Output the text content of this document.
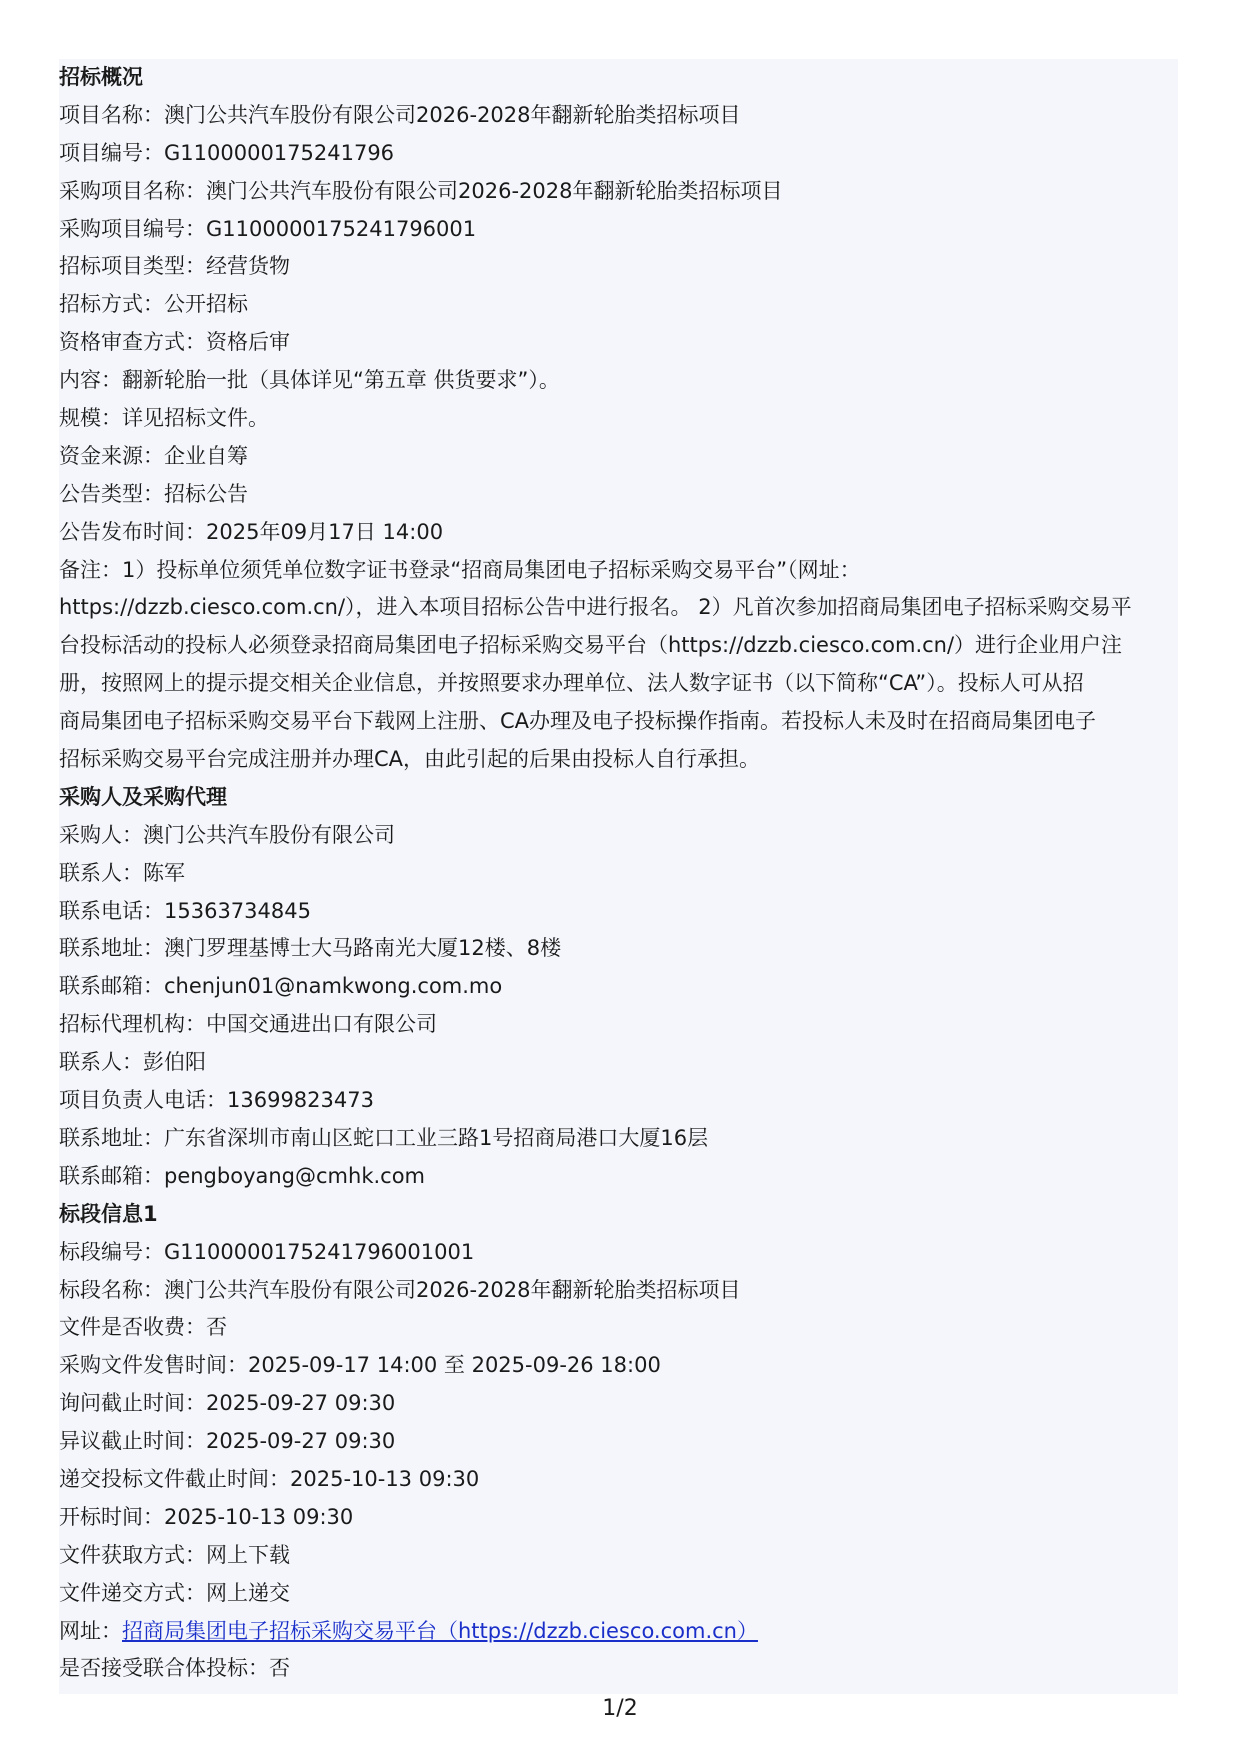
招标概况
项目名称：澳门公共汽车股份有限公司2026-2028年翻新轮胎类招标项目
项目编号：G1100000175241796
采购项目名称：澳门公共汽车股份有限公司2026-2028年翻新轮胎类招标项目
采购项目编号：G1100000175241796001
招标项目类型：经营货物
招标方式：公开招标
资格审查方式：资格后审
内容：翻新轮胎一批（具体详见“第五章 供货要求”）。
规模：详见招标文件。
资金来源：企业自筹
公告类型：招标公告
公告发布时间：2025年09月17日 14:00
备注：1）投标单位须凭单位数字证书登录“招商局集团电子招标采购交易平台”（网址：
https://dzzb.ciesco.com.cn/），进入本项目招标公告中进行报名。 2）凡首次参加招商局集团电子招标采购交易平
台投标活动的投标人必须登录招商局集团电子招标采购交易平台（https://dzzb.ciesco.com.cn/）进行企业用户注
册，按照网上的提示提交相关企业信息，并按照要求办理单位、法人数字证书（以下简称“CA”）。投标人可从招
商局集团电子招标采购交易平台下载网上注册、CA办理及电子投标操作指南。若投标人未及时在招商局集团电子
招标采购交易平台完成注册并办理CA，由此引起的后果由投标人自行承担。
采购人及采购代理
采购人：澳门公共汽车股份有限公司
联系人：陈军
联系电话：15363734845
联系地址：澳门罗理基博士大马路南光大厦12楼、8楼
联系邮箱：chenjun01@namkwong.com.mo
招标代理机构：中国交通进出口有限公司
联系人：彭伯阳
项目负责人电话：13699823473
联系地址：广东省深圳市南山区蛇口工业三路1号招商局港口大厦16层
联系邮箱：pengboyang@cmhk.com
标段信息1
标段编号：G1100000175241796001001
标段名称：澳门公共汽车股份有限公司2026-2028年翻新轮胎类招标项目
文件是否收费：否
采购文件发售时间：2025-09-17 14:00 至 2025-09-26 18:00
询问截止时间：2025-09-27 09:30
异议截止时间：2025-09-27 09:30
递交投标文件截止时间：2025-10-13 09:30
开标时间：2025-10-13 09:30
文件获取方式：网上下载
文件递交方式：网上递交
网址：招商局集团电子招标采购交易平台（https://dzzb.ciesco.com.cn）
是否接受联合体投标：否
1/2
